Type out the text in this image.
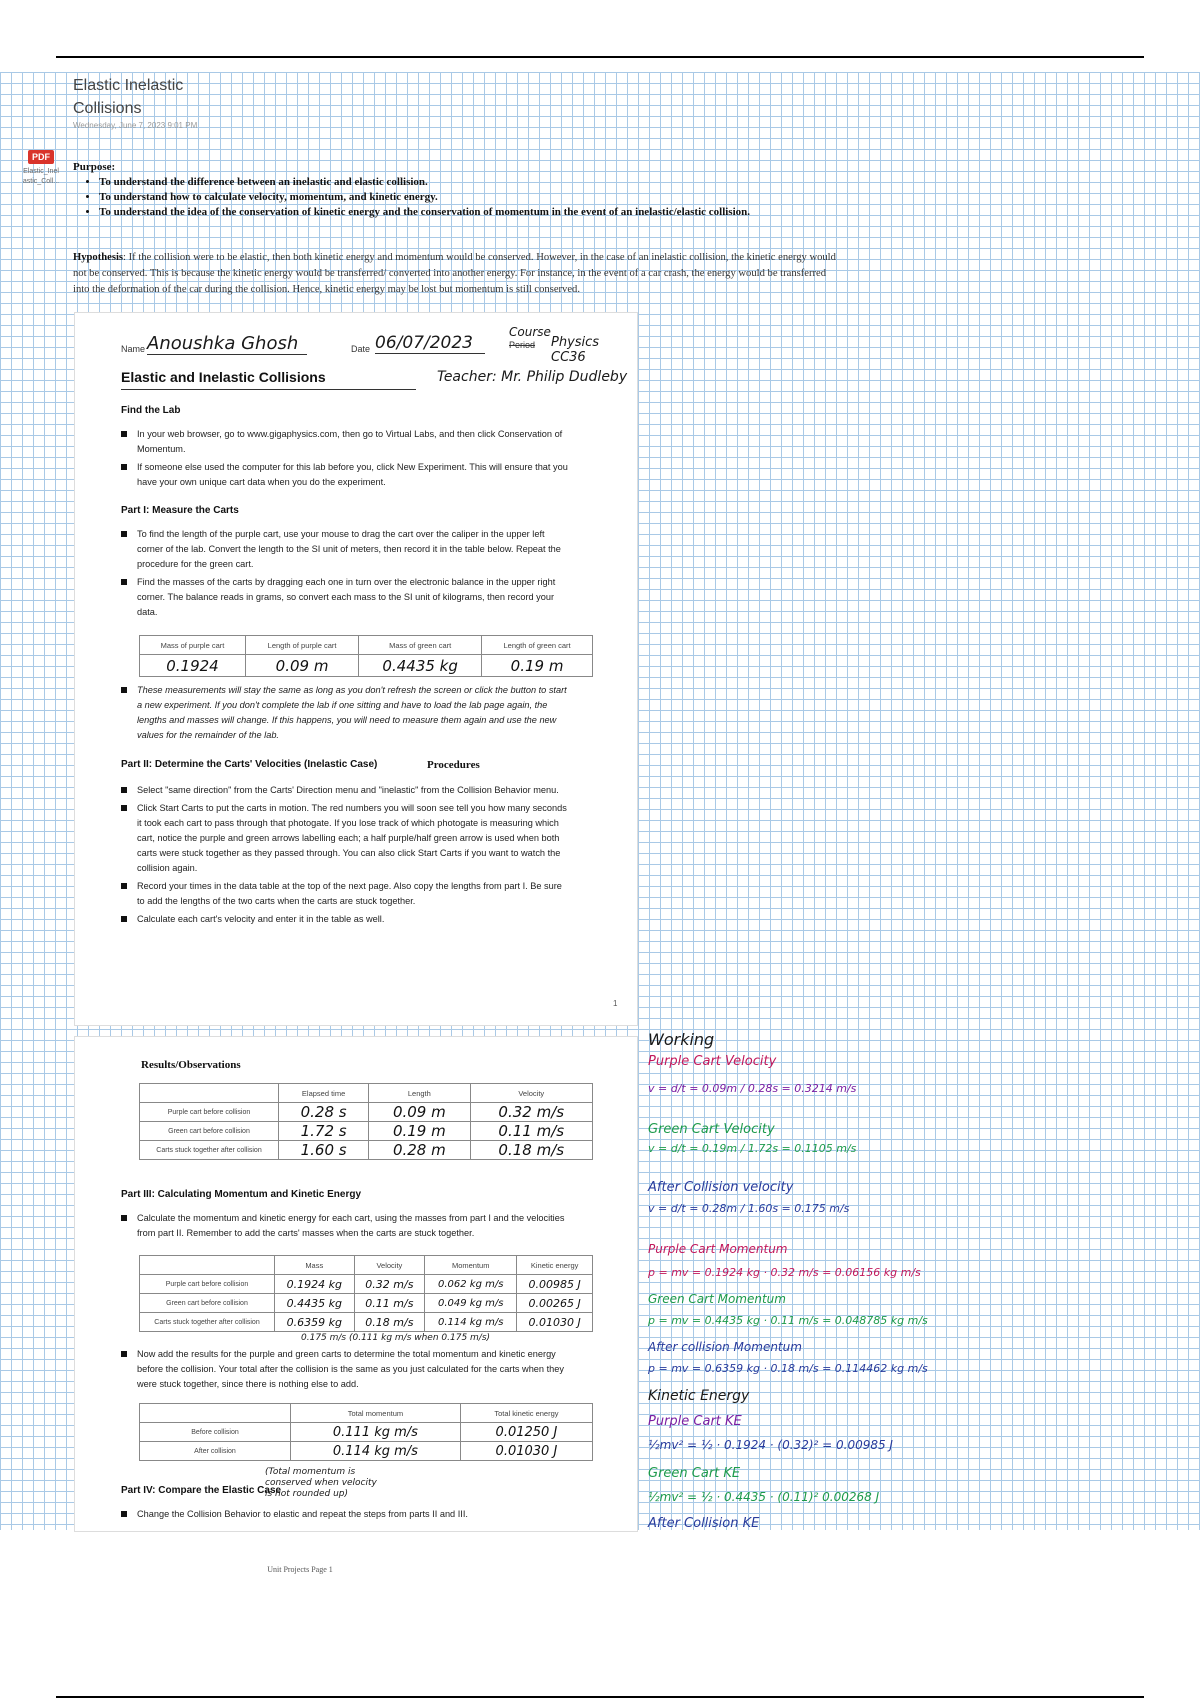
Elastic Inelastic
Collisions
Wednesday, June 7, 2023 9:01 PM
PDF
Elastic_Inel astic_Coll...
Purpose:
• To understand the difference between an inelastic and elastic collision.
• To understand how to calculate velocity, momentum, and kinetic energy.
• To understand the idea of the conservation of kinetic energy and the conservation of momentum in the event of an inelastic/elastic collision.
Hypothesis: If the collision were to be elastic, then both kinetic energy and momentum would be conserved. However, in the case of an inelastic collision, the kinetic energy would not be conserved. This is because the kinetic energy would be transferred/ converted into another energy. For instance, in the event of a car crash, the energy would be transferred into the deformation of the car during the collision. Hence, kinetic energy may be lost but momentum is still conserved.
Name Anoushka Ghosh	Date 06/07/2023
Course
Period Physics CC36
Elastic and Inelastic Collisions	Teacher: Mr. Philip Dudleby
Find the Lab
In your web browser, go to www.gigaphysics.com, then go to Virtual Labs, and then click Conservation of Momentum.
If someone else used the computer for this lab before you, click New Experiment. This will ensure that you have your own unique cart data when you do the experiment.
Part I: Measure the Carts
To find the length of the purple cart, use your mouse to drag the cart over the caliper in the upper left corner of the lab. Convert the length to the SI unit of meters, then record it in the table below. Repeat the procedure for the green cart.
Find the masses of the carts by dragging each one in turn over the electronic balance in the upper right corner. The balance reads in grams, so convert each mass to the SI unit of kilograms, then record your data.
Mass of purple cart	Length of purple cart	Mass of green cart	Length of green cart
0.1924	0.09 m	0.4435 kg	0.19 m
These measurements will stay the same as long as you don't refresh the screen or click the button to start a new experiment. If you don't complete the lab if one sitting and have to load the lab page again, the lengths and masses will change. If this happens, you will need to measure them again and use the new values for the remainder of the lab.
Part II: Determine the Carts' Velocities (Inelastic Case)	Procedures
Select "same direction" from the Carts' Direction menu and "inelastic" from the Collision Behavior menu.
Click Start Carts to put the carts in motion. The red numbers you will soon see tell you how many seconds it took each cart to pass through that photogate. If you lose track of which photogate is measuring which cart, notice the purple and green arrows labelling each; a half purple/half green arrow is used when both carts were stuck together as they passed through. You can also click Start Carts if you want to watch the collision again.
Record your times in the data table at the top of the next page. Also copy the lengths from part I. Be sure to add the lengths of the two carts when the carts are stuck together.
Calculate each cart's velocity and enter it in the table as well.
1
Results/Observations
	Elapsed time	Length	Velocity
Purple cart before collision	0.28 s	0.09 m	0.32 m/s
Green cart before collision	1.72 s	0.19 m	0.11 m/s
Carts stuck together after collision	1.60 s	0.28 m	0.18 m/s
Part III: Calculating Momentum and Kinetic Energy
Calculate the momentum and kinetic energy for each cart, using the masses from part I and the velocities from part II. Remember to add the carts' masses when the carts are stuck together.
	Mass	Velocity	Momentum	Kinetic energy
Purple cart before collision	0.1924 kg	0.32 m/s	0.062 kg m/s	0.00985 J
Green cart before collision	0.4435 kg	0.11 m/s	0.049 kg m/s	0.00265 J
Carts stuck together after collision	0.6359 kg	0.18 m/s	0.114 kg m/s	0.01030 J
0.175 m/s (0.111 kg m/s when 0.175 m/s)
Now add the results for the purple and green carts to determine the total momentum and kinetic energy before the collision. Your total after the collision is the same as you just calculated for the carts when they were stuck together, since there is nothing else to add.
	Total momentum	Total kinetic energy
Before collision	0.111 kg m/s	0.01250 J
After collision	0.114 kg m/s	0.01030 J
(Total momentum is
conserved when velocity
is not rounded up)
Part IV: Compare the Elastic Case
Change the Collision Behavior to elastic and repeat the steps from parts II and III.
Working
Purple Cart Velocity
v = d/t = 0.09m / 0.28s = 0.3214 m/s
Green Cart Velocity
v = d/t = 0.19m / 1.72s = 0.1105 m/s
After Collision velocity
v = d/t = 0.28m / 1.60s = 0.175 m/s
Purple Cart Momentum
p = mv = 0.1924 kg · 0.32 m/s = 0.06156 kg m/s
Green Cart Momentum
p = mv = 0.4435 kg · 0.11 m/s = 0.048785 kg m/s
After collision Momentum
p = mv = 0.6359 kg · 0.18 m/s = 0.114462 kg m/s
Kinetic Energy
Purple Cart KE
½mv² = ½ · 0.1924 · (0.32)² = 0.00985 J
Green Cart KE
½mv² = ½ · 0.4435 · (0.11)² 0.00268 J
After Collision KE
Unit Projects Page 1
